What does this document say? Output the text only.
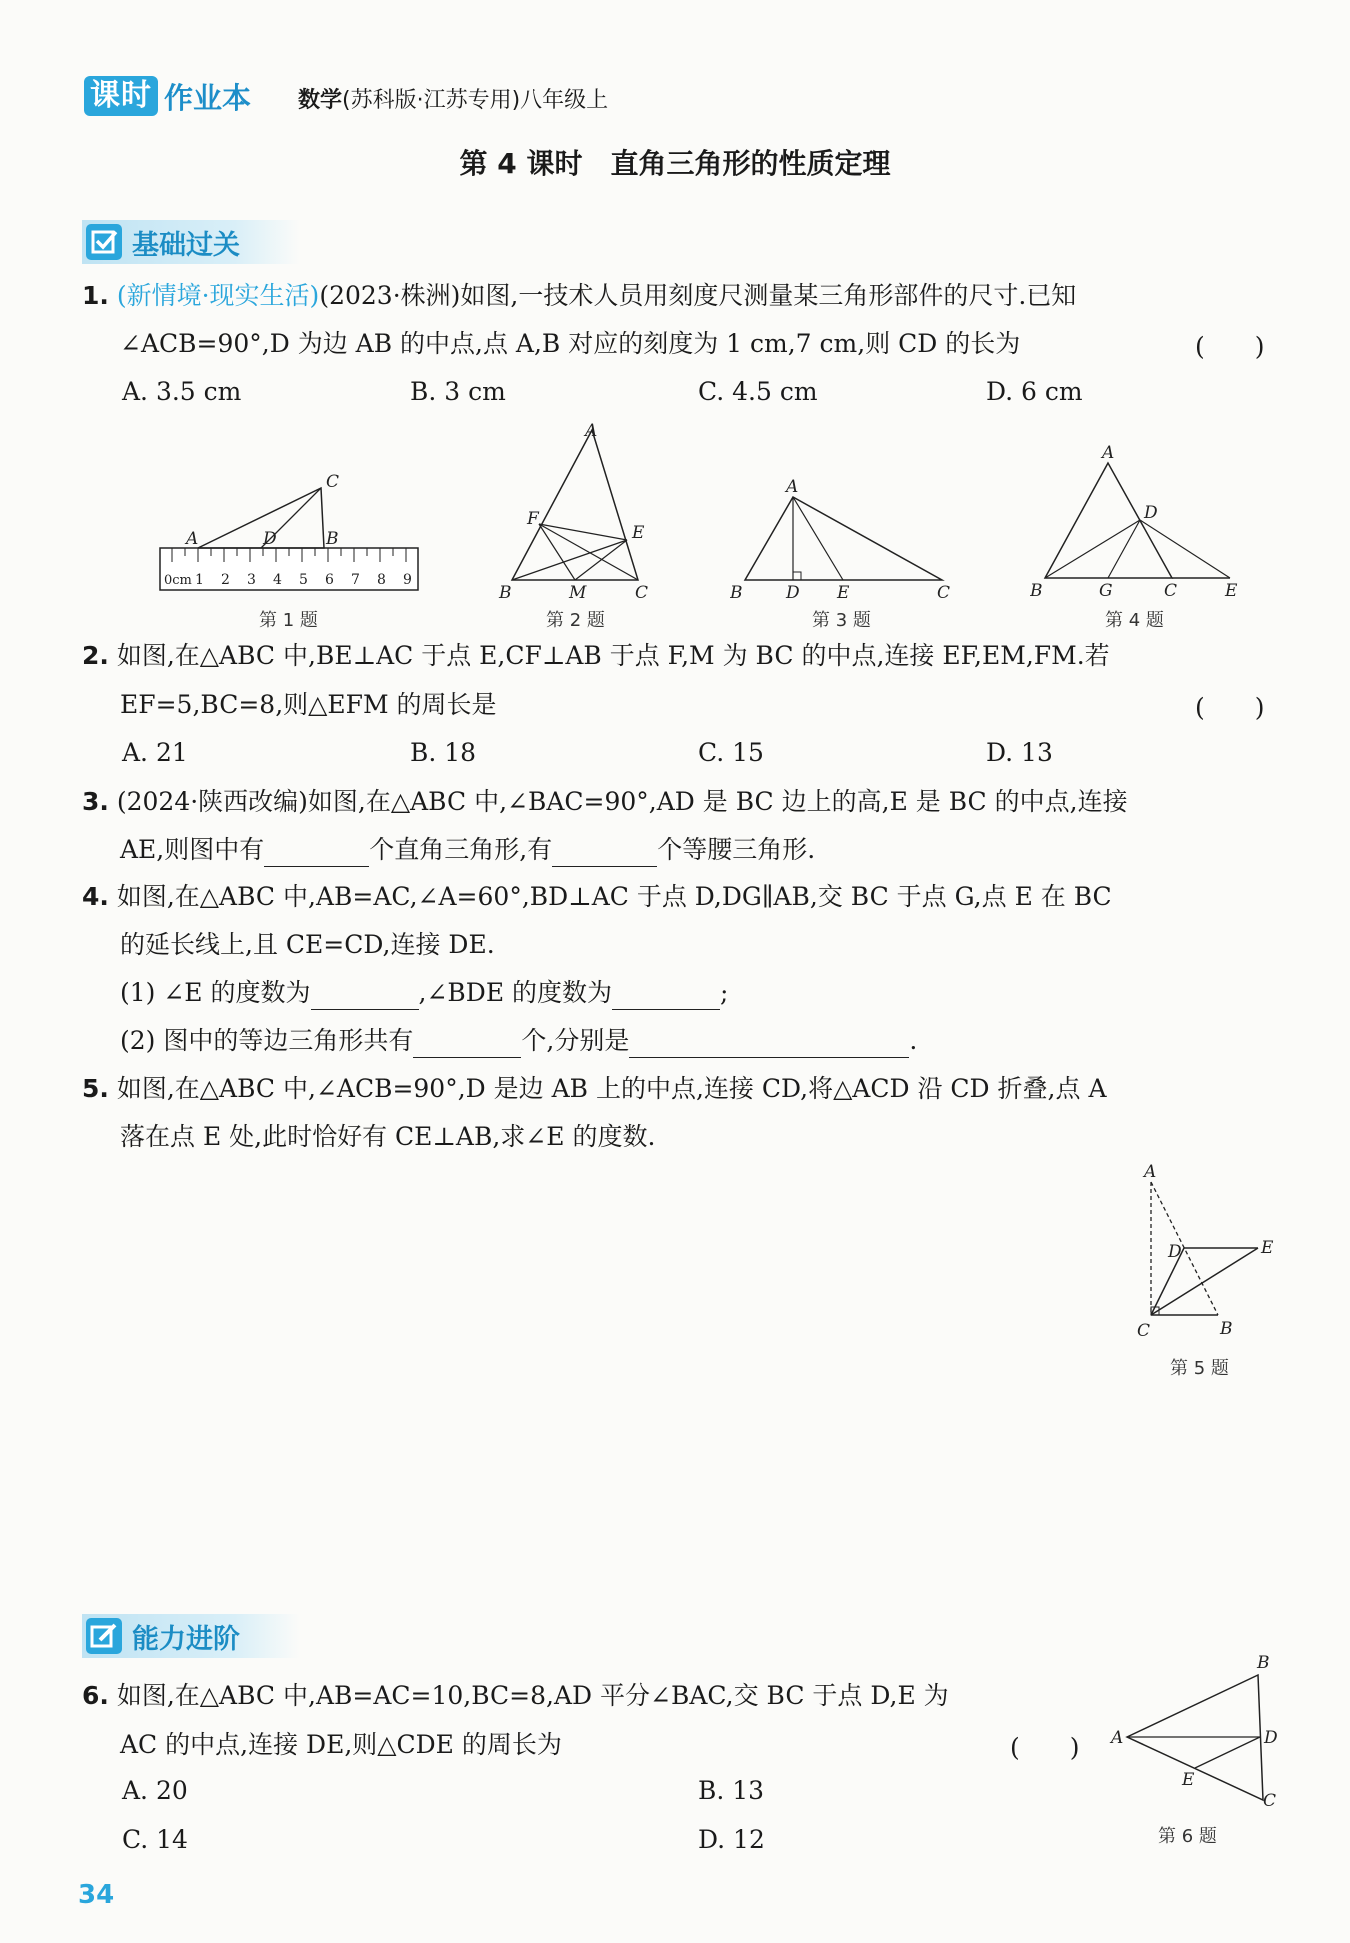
课时 作业本 数学(苏科版·江苏专用)八年级上
第 4 课时　直角三角形的性质定理
基础过关
1. (新情境·现实生活)(2023·株洲)如图,一技术人员用刻度尺测量某三角形部件的尺寸.已知
∠ACB=90°,D 为边 AB 的中点,点 A,B 对应的刻度为 1 cm,7 cm,则 CD 的长为	(　　)
A. 3.5 cm	B. 3 cm	C. 4.5 cm	D. 6 cm
0cm 1 2 3 4 5 6 7 8 9
A	D	B
C
A
F
E
B	M	C
A
B	D E	C
A
D
B	G	C	E
第 1 题	第 2 题	第 3 题	第 4 题
2. 如图,在△ABC 中,BE⊥AC 于点 E,CF⊥AB 于点 F,M 为 BC 的中点,连接 EF,EM,FM.若
EF=5,BC=8,则△EFM 的周长是	(　　)
A. 21	B. 18	C. 15	D. 13
3. (2024·陕西改编)如图,在△ABC 中,∠BAC=90°,AD 是 BC 边上的高,E 是 BC 的中点,连接
AE,则图中有	个直角三角形,有	个等腰三角形.
4. 如图,在△ABC 中,AB=AC,∠A=60°,BD⊥AC 于点 D,DG∥AB,交 BC 于点 G,点 E 在 BC
的延长线上,且 CE=CD,连接 DE.
(1) ∠E 的度数为	,∠BDE 的度数为	;
(2) 图中的等边三角形共有	个,分别是	.
5. 如图,在△ABC 中,∠ACB=90°,D 是边 AB 上的中点,连接 CD,将△ACD 沿 CD 折叠,点 A
落在点 E 处,此时恰好有 CE⊥AB,求∠E 的度数.
A
D	E
C	B
第 5 题
能力进阶
6. 如图,在△ABC 中,AB=AC=10,BC=8,AD 平分∠BAC,交 BC 于点 D,E 为
AC 的中点,连接 DE,则△CDE 的周长为	(　　)
A. 20	B. 13
C. 14	D. 12
A
B
D
E
C
第 6 题
34
